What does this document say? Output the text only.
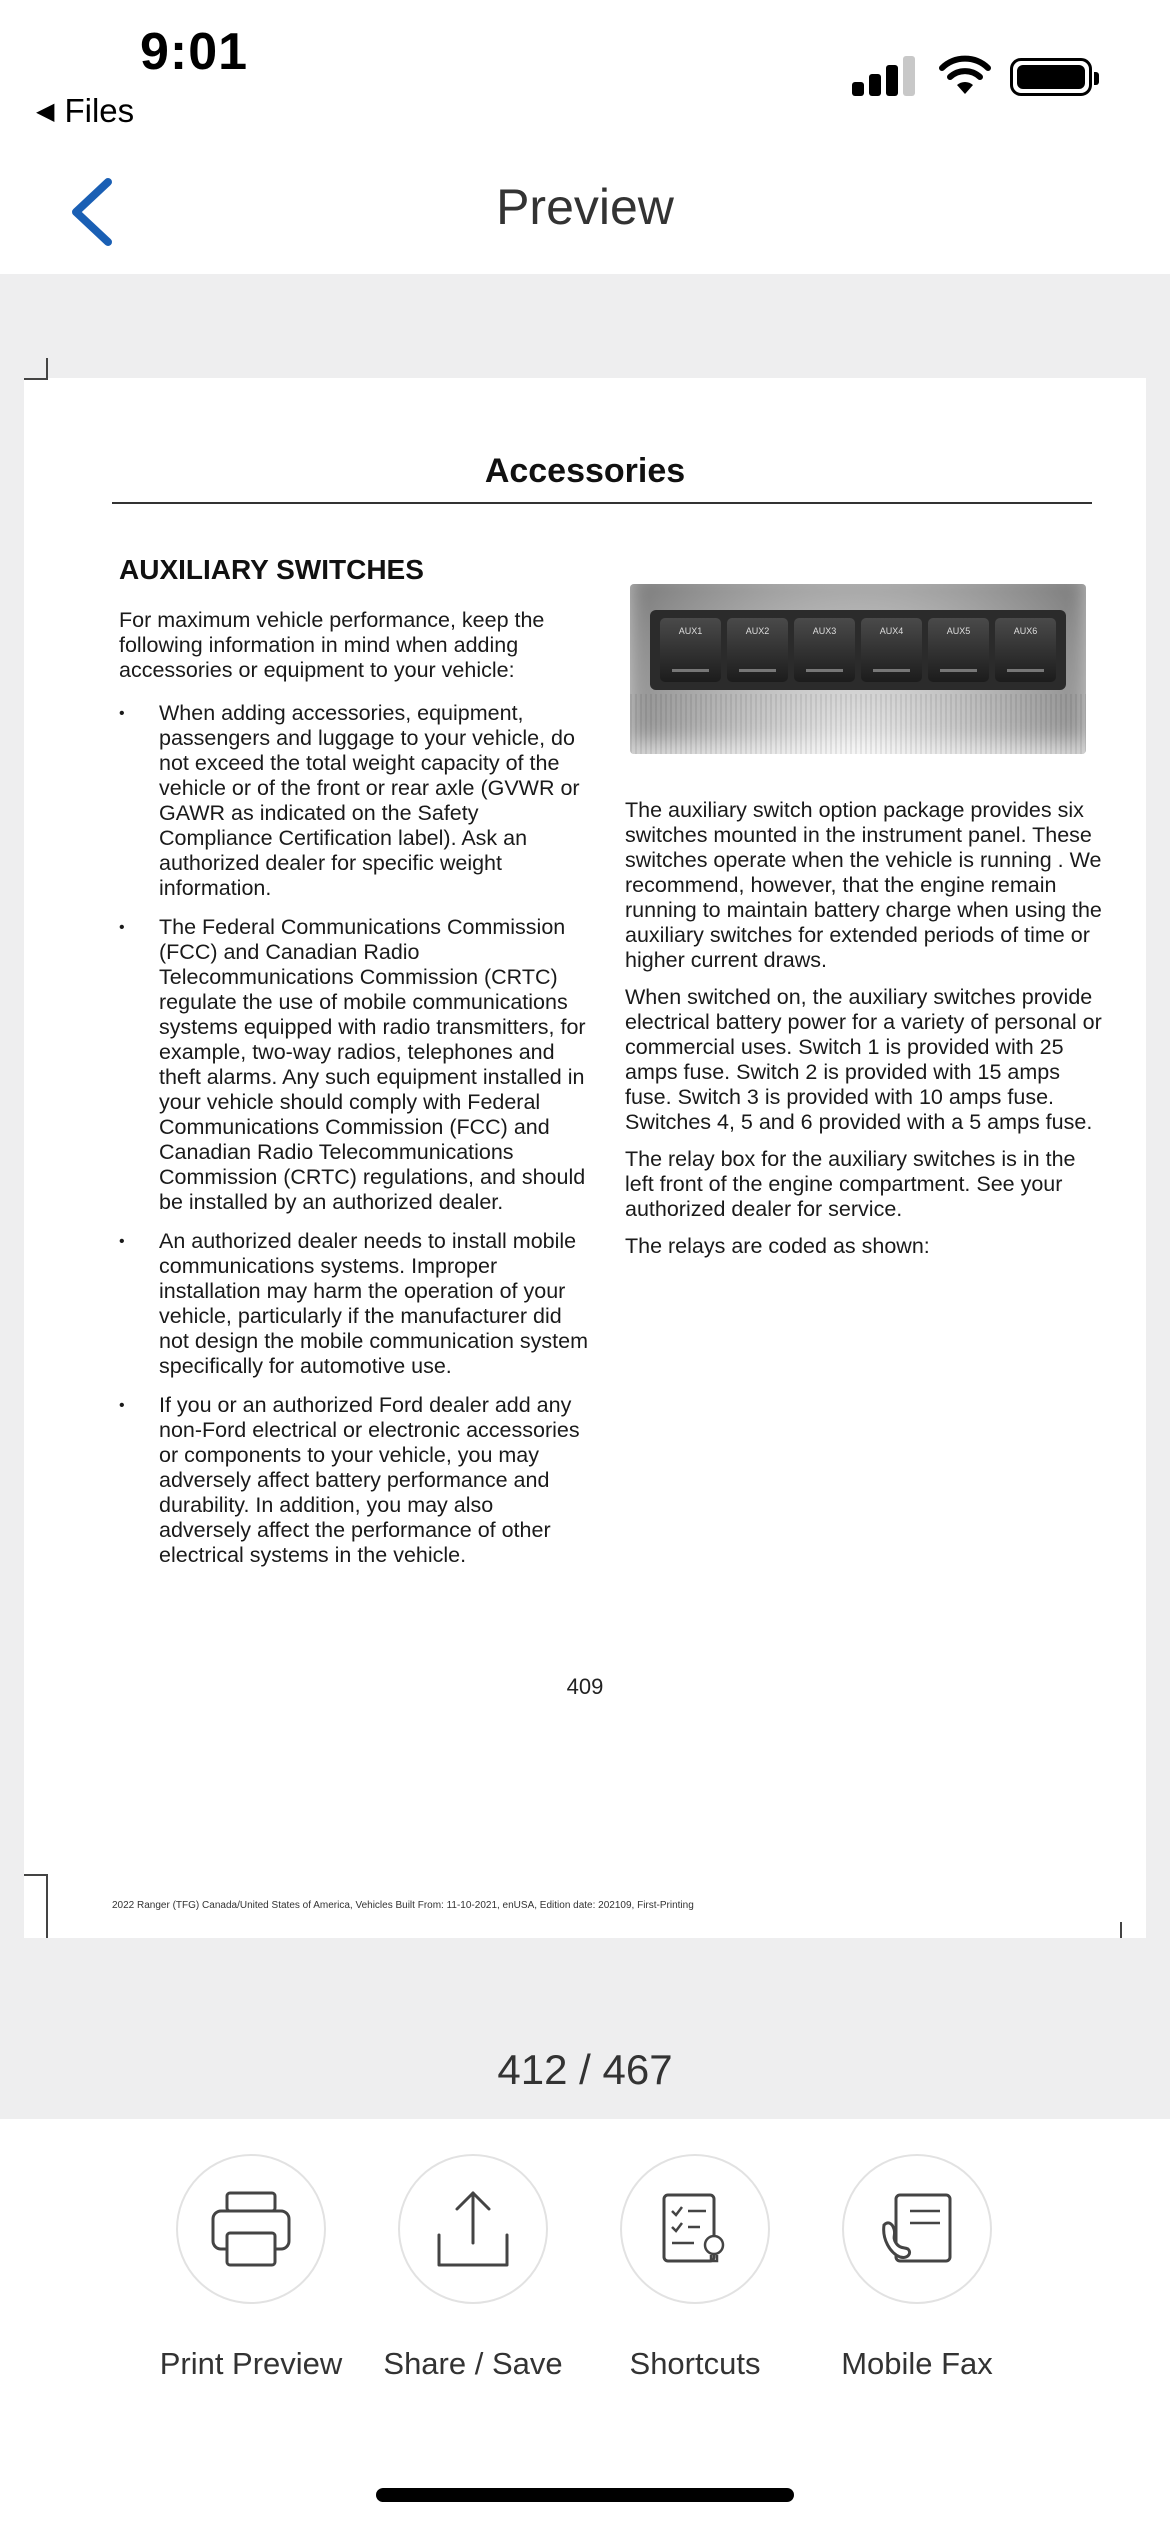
9:01
◀ Files
Preview
Accessories
AUXILIARY SWITCHES

For maximum vehicle performance, keep the following information in mind when adding accessories or equipment to your vehicle:

• When adding accessories, equipment, passengers and luggage to your vehicle, do not exceed the total weight capacity of the vehicle or of the front or rear axle (GVWR or GAWR as indicated on the Safety Compliance Certification label). Ask an authorized dealer for specific weight information.
• The Federal Communications Commission (FCC) and Canadian Radio Telecommunications Commission (CRTC) regulate the use of mobile communications systems equipped with radio transmitters, for example, two-way radios, telephones and theft alarms. Any such equipment installed in your vehicle should comply with Federal Communications Commission (FCC) and Canadian Radio Telecommunications Commission (CRTC) regulations, and should be installed by an authorized dealer.
• An authorized dealer needs to install mobile communications systems. Improper installation may harm the operation of your vehicle, particularly if the manufacturer did not design the mobile communication system specifically for automotive use.
• If you or an authorized Ford dealer add any non-Ford electrical or electronic accessories or components to your vehicle, you may adversely affect battery performance and durability. In addition, you may also adversely affect the performance of other electrical systems in the vehicle.
AUX1	AUX2	AUX3	AUX4	AUX5	AUX6

The auxiliary switch option package provides six switches mounted in the instrument panel. These switches operate when the vehicle is running . We recommend, however, that the engine remain running to maintain battery charge when using the auxiliary switches for extended periods of time or higher current draws.

When switched on, the auxiliary switches provide electrical battery power for a variety of personal or commercial uses. Switch 1 is provided with 25 amps fuse. Switch 2 is provided with 15 amps fuse. Switch 3 is provided with 10 amps fuse. Switches 4, 5 and 6 provided with a 5 amps fuse.

The relay box for the auxiliary switches is in the left front of the engine compartment. See your authorized dealer for service.

The relays are coded as shown:

409
2022 Ranger (TFG) Canada/United States of America, Vehicles Built From: 11-10-2021, enUSA, Edition date: 202109, First-Printing
412 / 467
Print Preview	Share / Save	Shortcuts	Mobile Fax
